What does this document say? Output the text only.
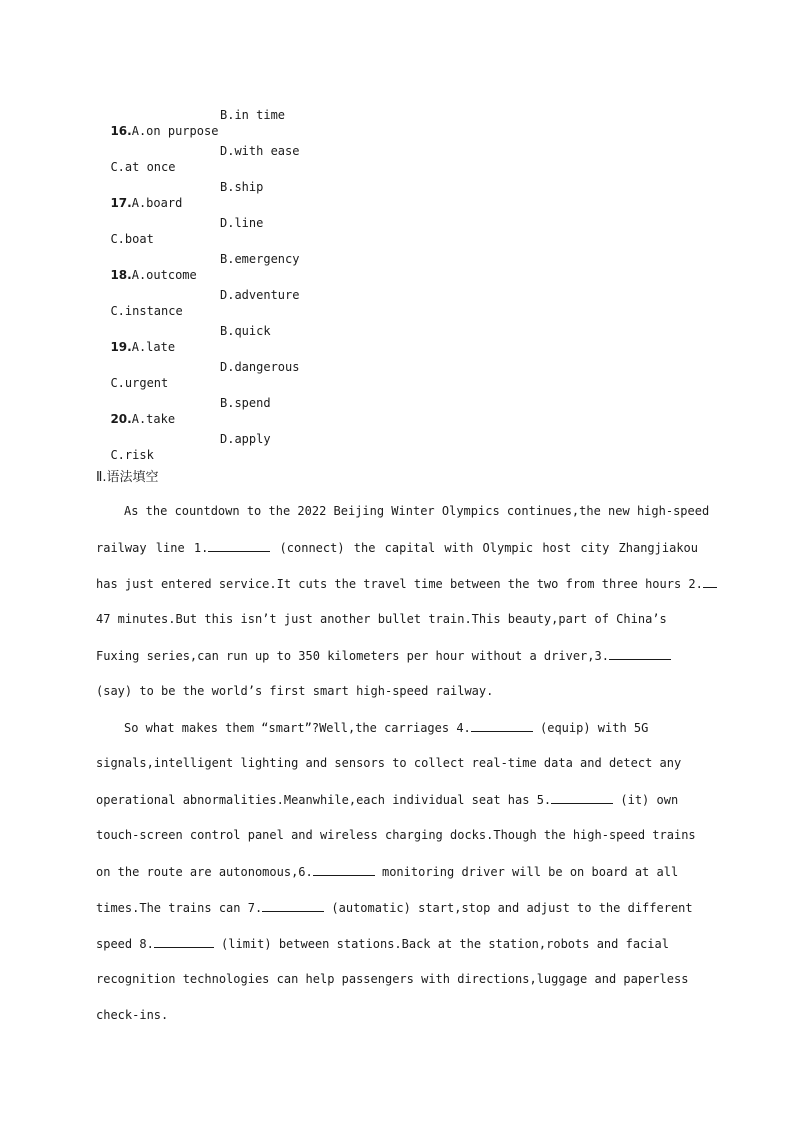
16.A.on purpose

B.in time

C.at once

D.with ease

17.A.board

B.ship

C.boat

D.line

18.A.outcome

B.emergency

C.instance

D.adventure

19.A.late

B.quick

C.urgent

D.dangerous

20.A.take

B.spend

C.risk

D.apply

Ⅱ.语法填空
As the countdown to the 2022 Beijing Winter Olympics continues,the new high-speed
railway line 1.	(connect) the capital with Olympic host city Zhangjiakou
has just entered service.It cuts the travel time between the two from three hours 2.
47 minutes.But this isn’t just another bullet train.This beauty,part of China’s
Fuxing series,can run up to 350 kilometers per hour without a driver,3.
(say) to be the world’s first smart high-speed railway.
So what makes them “smart”?Well,the carriages 4.	(equip) with 5G
signals,intelligent lighting and sensors to collect real-time data and detect any
operational abnormalities.Meanwhile,each individual seat has 5.	(it) own
touch-screen control panel and wireless charging docks.Though the high-speed trains
on the route are autonomous,6.	monitoring driver will be on board at all
times.The trains can 7.	(automatic) start,stop and adjust to the different
speed 8.	(limit) between stations.Back at the station,robots and facial
recognition technologies can help passengers with directions,luggage and paperless
check-ins.
